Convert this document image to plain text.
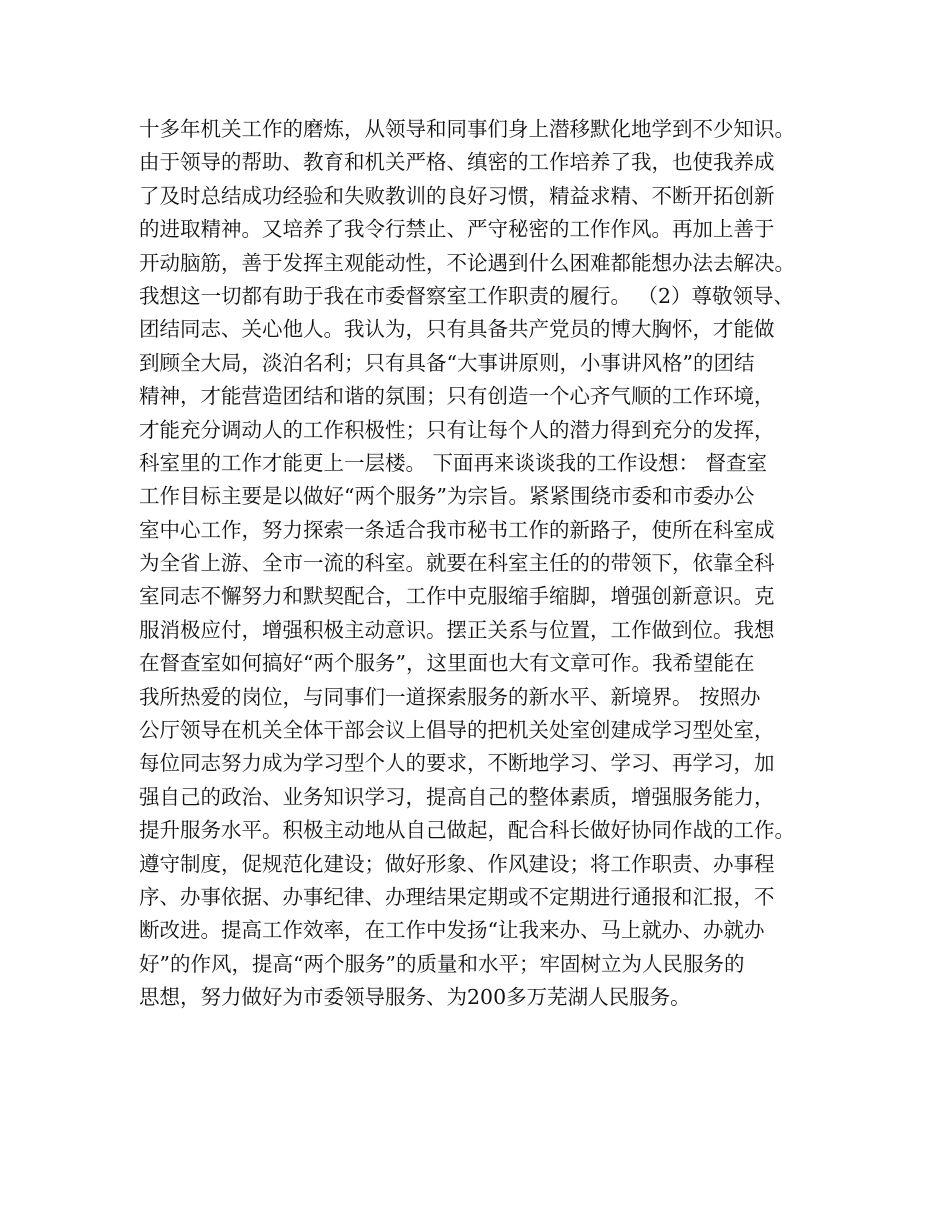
十多年机关工作的磨炼，从领导和同事们身上潜移默化地学到不少知识。
由于领导的帮助、教育和机关严格、缜密的工作培养了我，也使我养成
了及时总结成功经验和失败教训的良好习惯，精益求精、不断开拓创新
的进取精神。又培养了我令行禁止、严守秘密的工作作风。再加上善于
开动脑筋，善于发挥主观能动性，不论遇到什么困难都能想办法去解决。
我想这一切都有助于我在市委督察室工作职责的履行。 （2）尊敬领导、
团结同志、关心他人。我认为，只有具备共产党员的博大胸怀，才能做
到顾全大局，淡泊名利；只有具备“大事讲原则，小事讲风格”的团结
精神，才能营造团结和谐的氛围；只有创造一个心齐气顺的工作环境，
才能充分调动人的工作积极性；只有让每个人的潜力得到充分的发挥，
科室里的工作才能更上一层楼。 下面再来谈谈我的工作设想： 督查室
工作目标主要是以做好“两个服务”为宗旨。紧紧围绕市委和市委办公
室中心工作，努力探索一条适合我市秘书工作的新路子，使所在科室成
为全省上游、全市一流的科室。就要在科室主任的的带领下，依靠全科
室同志不懈努力和默契配合，工作中克服缩手缩脚，增强创新意识。克
服消极应付，增强积极主动意识。摆正关系与位置，工作做到位。我想
在督查室如何搞好“两个服务”，这里面也大有文章可作。我希望能在
我所热爱的岗位，与同事们一道探索服务的新水平、新境界。 按照办
公厅领导在机关全体干部会议上倡导的把机关处室创建成学习型处室，
每位同志努力成为学习型个人的要求，不断地学习、学习、再学习，加
强自己的政治、业务知识学习，提高自己的整体素质，增强服务能力，
提升服务水平。积极主动地从自己做起，配合科长做好协同作战的工作。
遵守制度，促规范化建设；做好形象、作风建设；将工作职责、办事程
序、办事依据、办事纪律、办理结果定期或不定期进行通报和汇报，不
断改进。提高工作效率，在工作中发扬“让我来办、马上就办、办就办
好”的作风，提高“两个服务”的质量和水平；牢固树立为人民服务的
思想，努力做好为市委领导服务、为200多万芜湖人民服务。
